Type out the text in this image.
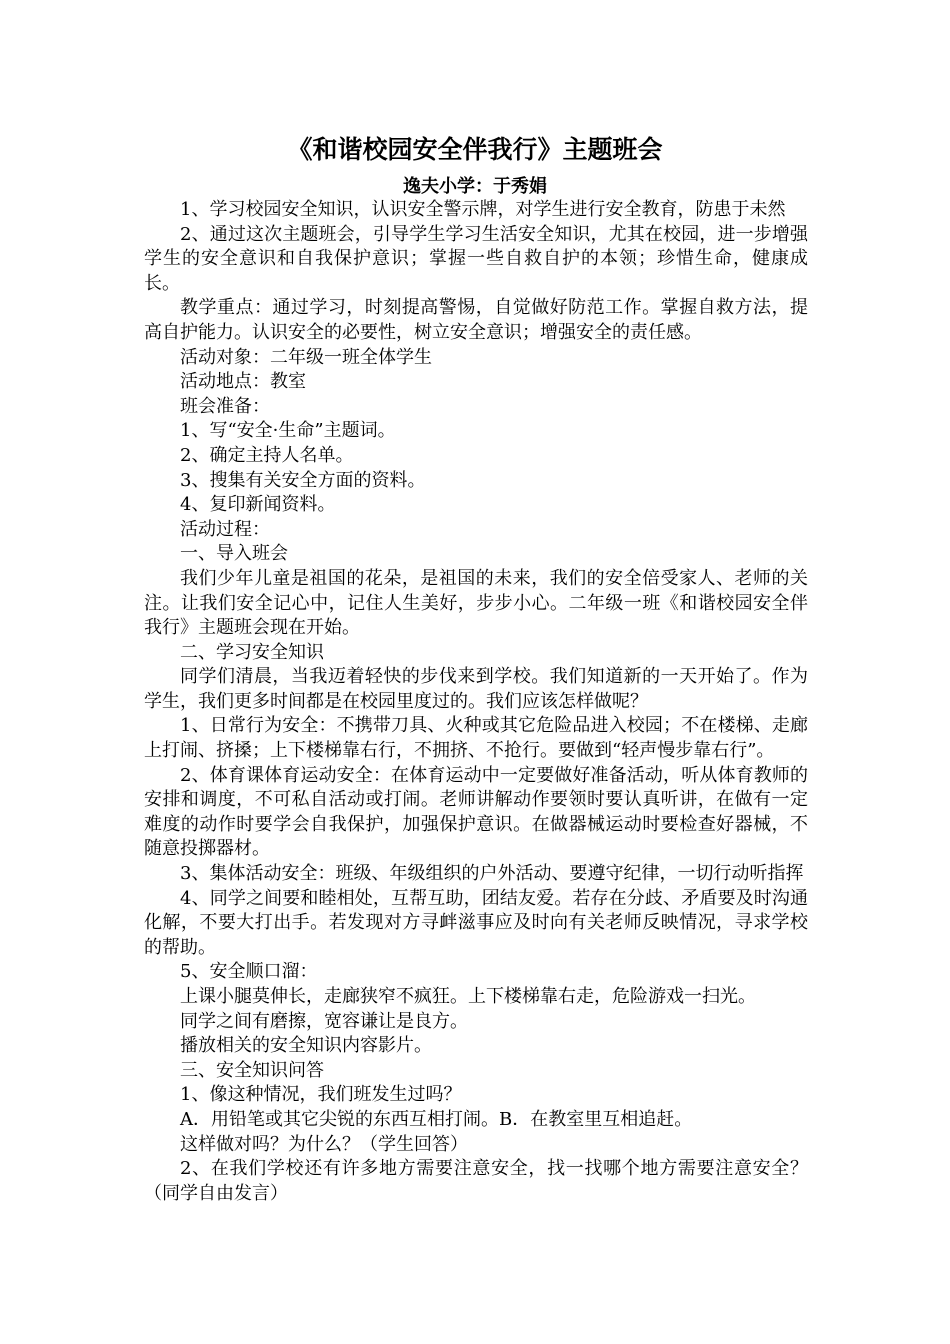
《和谐校园安全伴我行》主题班会
逸夫小学：于秀娟

1、学习校园安全知识，认识安全警示牌，对学生进行安全教育，防患于未然

2、通过这次主题班会，引导学生学习生活安全知识，尤其在校园，进一步增强学生的安全意识和自我保护意识；掌握一些自救自护的本领；珍惜生命，健康成长。

教学重点：通过学习，时刻提高警惕，自觉做好防范工作。掌握自救方法，提高自护能力。认识安全的必要性，树立安全意识；增强安全的责任感。

活动对象：二年级一班全体学生

活动地点：教室

班会准备：

1、写“安全·生命”主题词。

2、确定主持人名单。

3、搜集有关安全方面的资料。

4、复印新闻资料。

活动过程：

一、导入班会

我们少年儿童是祖国的花朵，是祖国的未来，我们的安全倍受家人、老师的关注。让我们安全记心中，记住人生美好，步步小心。二年级一班《和谐校园安全伴我行》主题班会现在开始。

二、学习安全知识

同学们清晨，当我迈着轻快的步伐来到学校。我们知道新的一天开始了。作为学生，我们更多时间都是在校园里度过的。我们应该怎样做呢？

1、日常行为安全：不携带刀具、火种或其它危险品进入校园；不在楼梯、走廊上打闹、挤搡；上下楼梯靠右行，不拥挤、不抢行。要做到“轻声慢步靠右行”。

2、体育课体育运动安全：在体育运动中一定要做好准备活动，听从体育教师的安排和调度，不可私自活动或打闹。老师讲解动作要领时要认真听讲，在做有一定难度的动作时要学会自我保护，加强保护意识。在做器械运动时要检查好器械，不随意投掷器材。

3、集体活动安全：班级、年级组织的户外活动、要遵守纪律，一切行动听指挥

4、同学之间要和睦相处，互帮互助，团结友爱。若存在分歧、矛盾要及时沟通化解，不要大打出手。若发现对方寻衅滋事应及时向有关老师反映情况，寻求学校的帮助。

5、安全顺口溜：

上课小腿莫伸长，走廊狭窄不疯狂。上下楼梯靠右走，危险游戏一扫光。

同学之间有磨擦，宽容谦让是良方。

播放相关的安全知识内容影片。

三、安全知识问答

1、像这种情况，我们班发生过吗？

A．用铅笔或其它尖锐的东西互相打闹。B．在教室里互相追赶。

这样做对吗？为什么？（学生回答）

2、在我们学校还有许多地方需要注意安全，找一找哪个地方需要注意安全？（同学自由发言）
